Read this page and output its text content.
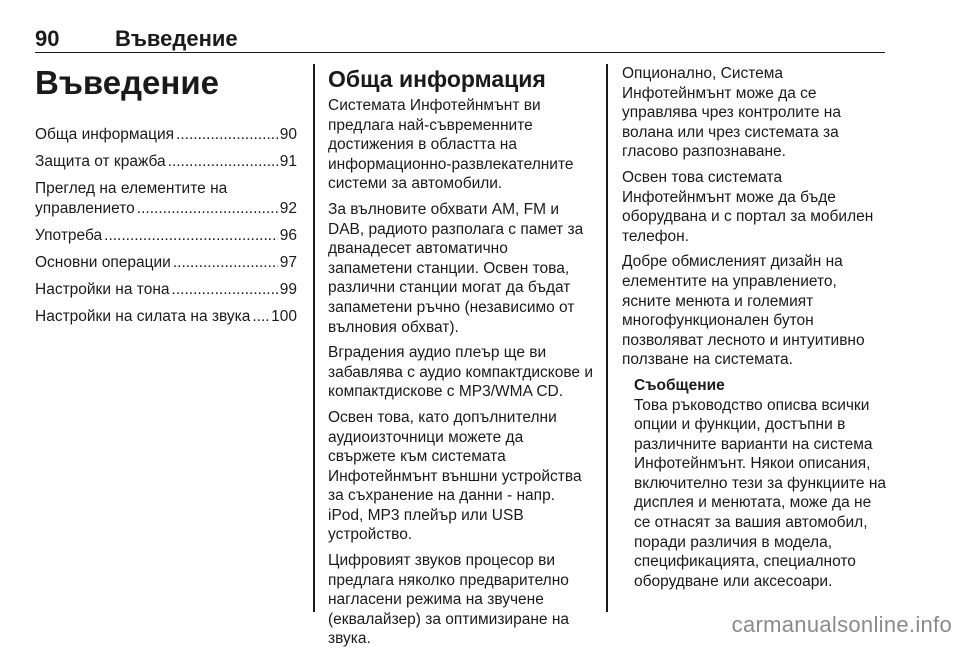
90	Въведение
Въведение
Обща информация .....	90
Защита от кражба .....	91
Преглед на елементите на
управлението .....	92
Употреба .....	96
Основни операции .....	97
Настройки на тона .....	99
Настройки на силата на звука ..... 100
Обща информация

Системата Инфотейнмънт ви предлага най-съвременните достижения в областта на информационно-развлекателните системи за автомобили.

За вълновите обхвати AM, FM и DAB, радиото разполага с памет за дванадесет автоматично запаметени станции. Освен това, различни станции могат да бъдат запаметени ръчно (независимо от вълновия обхват).

Вградения аудио плеър ще ви забавлява с аудио компактдискове и компактдискове с MP3/WMA CD.

Освен това, като допълнителни аудиоизточници можете да свържете към системата Инфотейнмънт външни устройства за съхранение на данни - напр. iPod, MP3 плейър или USB устройство.

Цифровият звуков процесор ви предлага няколко предварително нагласени режима на звучене (еквалайзер) за оптимизиране на звука.

Опционално, Система Инфотейнмънт може да се управлява чрез контролите на волана или чрез системата за гласово разпознаване.

Освен това системата Инфотейнмънт може да бъде оборудвана и с портал за мобилен телефон.

Добре обмисленият дизайн на елементите на управлението, ясните менюта и големият многофункционален бутон позволяват лесното и интуитивно ползване на системата.

Съобщение

Това ръководство описва всички опции и функции, достъпни в различните варианти на система Инфотейнмънт. Някои описания, включително тези за функциите на дисплея и менютата, може да не се отнасят за вашия автомобил, поради различия в модела, спецификацията, специалното оборудване или аксесоари.

carmanualsonline.info
